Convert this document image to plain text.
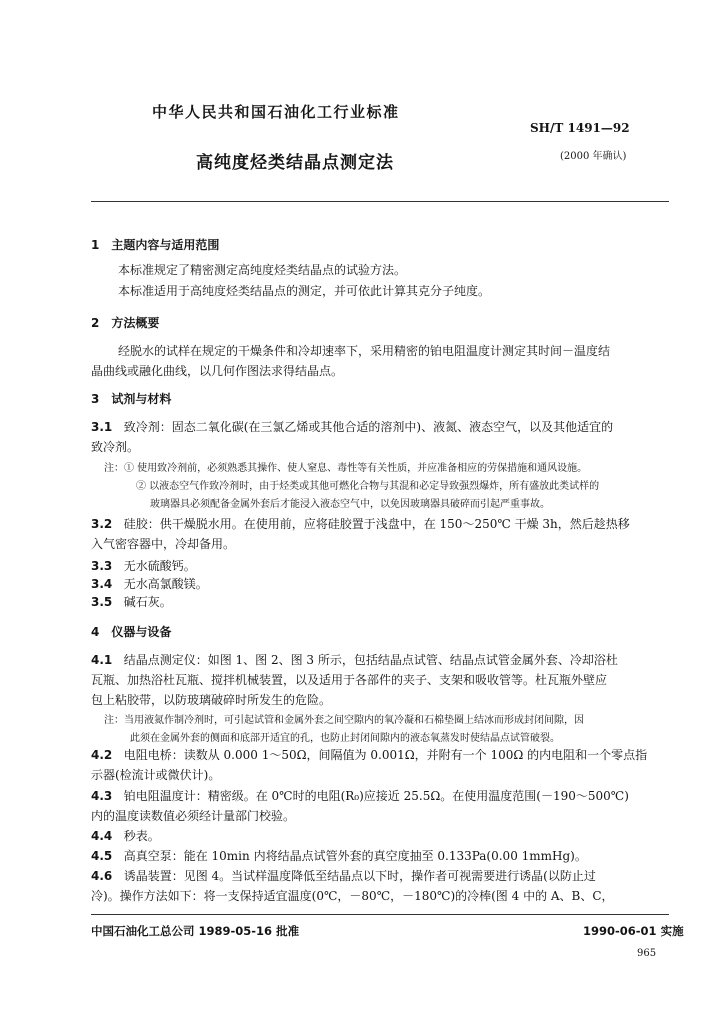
中华人民共和国石油化工行业标准
SH/T 1491—92
高纯度烃类结晶点测定法	(2000 年确认)
1　主题内容与适用范围
本标准规定了精密测定高纯度烃类结晶点的试验方法。
本标准适用于高纯度烃类结晶点的测定，并可依此计算其克分子纯度。
2　方法概要
经脱水的试样在规定的干燥条件和冷却速率下，采用精密的铂电阻温度计测定其时间－温度结
晶曲线或融化曲线，以几何作图法求得结晶点。
3　试剂与材料
3.1 致冷剂：固态二氧化碳(在三氯乙烯或其他合适的溶剂中)、液氮、液态空气，以及其他适宜的
致冷剂。
注：① 使用致冷剂前，必须熟悉其操作、使人窒息、毒性等有关性质，并应准备相应的劳保措施和通风设施。
② 以液态空气作致冷剂时，由于烃类或其他可燃化合物与其混和必定导致强烈爆炸，所有盛放此类试样的
玻璃器具必须配备金属外套后才能浸入液态空气中，以免因玻璃器具破碎而引起严重事故。
3.2 硅胶：供干燥脱水用。在使用前，应将硅胶置于浅盘中，在 150～250℃ 干燥 3h，然后趁热移
入气密容器中，冷却备用。
3.3 无水硫酸钙。
3.4 无水高氯酸镁。
3.5 碱石灰。
4　仪器与设备
4.1 结晶点测定仪：如图 1、图 2、图 3 所示，包括结晶点试管、结晶点试管金属外套、冷却浴杜
瓦瓶、加热浴杜瓦瓶、搅拌机械装置，以及适用于各部件的夹子、支架和吸收管等。杜瓦瓶外壁应
包上粘胶带，以防玻璃破碎时所发生的危险。
注：当用液氮作制冷剂时，可引起试管和金属外套之间空隙内的氧冷凝和石棉垫圈上结冰而形成封闭间隙，因
此须在金属外套的侧面和底部开适宜的孔，也防止封闭间隙内的液态氧蒸发时使结晶点试管破裂。
4.2 电阻电桥：读数从 0.000 1～50Ω，间隔值为 0.001Ω，并附有一个 100Ω 的内电阻和一个零点指
示器(检流计或微伏计)。
4.3 铂电阻温度计：精密级。在 0℃时的电阻(R₀)应接近 25.5Ω。在使用温度范围(－190～500℃)
内的温度读数值必须经计量部门校验。
4.4 秒表。
4.5 高真空泵：能在 10min 内将结晶点试管外套的真空度抽至 0.133Pa(0.00 1mmHg)。
4.6 诱晶装置：见图 4。当试样温度降低至结晶点以下时，操作者可视需要进行诱晶(以防止过
冷)。操作方法如下：将一支保持适宜温度(0℃，－80℃，－180℃)的冷棒(图 4 中的 A、B、C，
中国石油化工总公司 1989-05-16 批准	1990-06-01 实施
965
